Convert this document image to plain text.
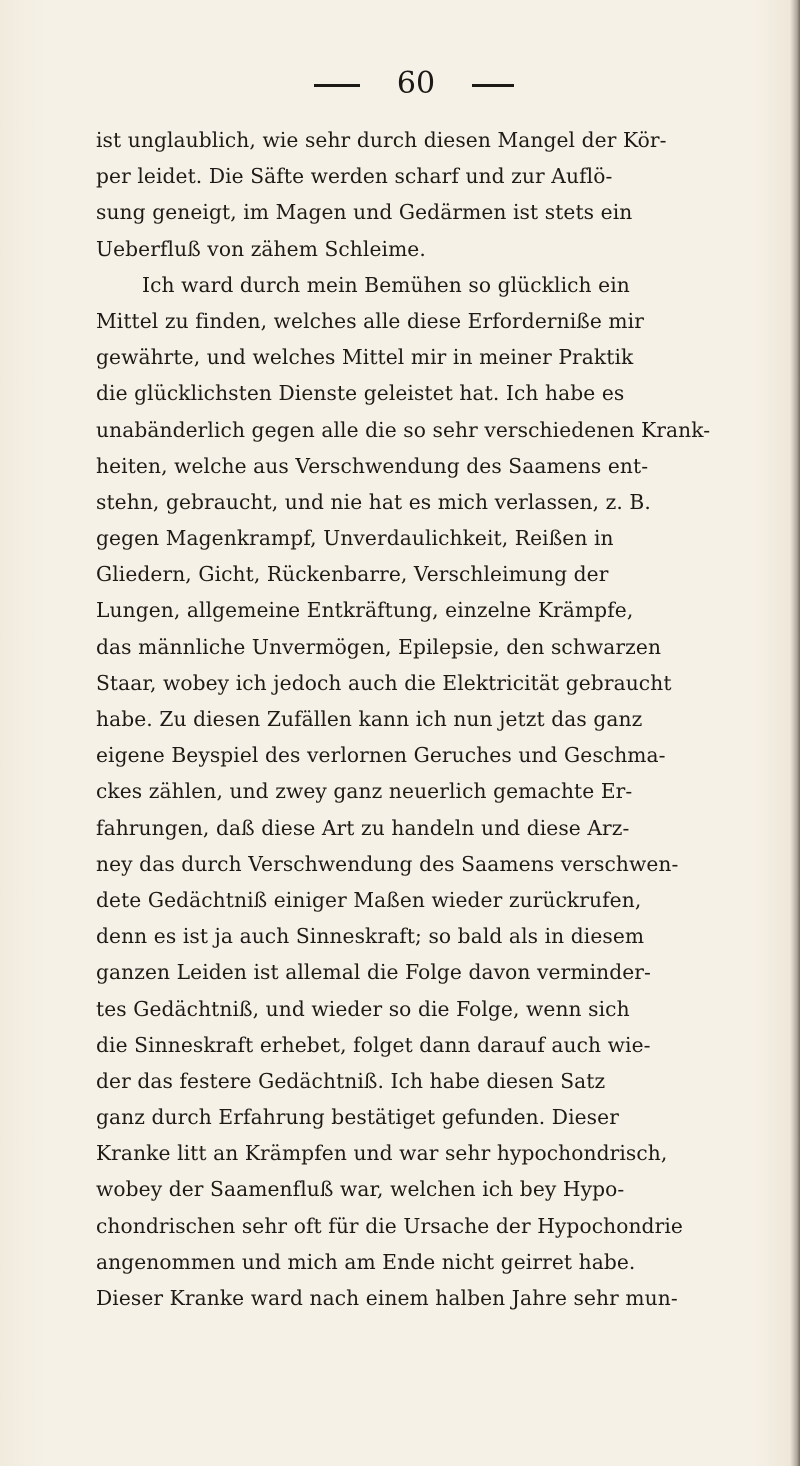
60
ist unglaublich, wie sehr durch diesen Mangel der Kör-
per leidet. Die Säfte werden scharf und zur Auflö-
sung geneigt, im Magen und Gedärmen ist stets ein
Ueberfluß von zähem Schleime.
Ich ward durch mein Bemühen so glücklich ein
Mittel zu finden, welches alle diese Erforderniße mir
gewährte, und welches Mittel mir in meiner Praktik
die glücklichsten Dienste geleistet hat. Ich habe es
unabänderlich gegen alle die so sehr verschiedenen Krank-
heiten, welche aus Verschwendung des Saamens ent-
stehn, gebraucht, und nie hat es mich verlassen, z. B.
gegen Magenkrampf, Unverdaulichkeit, Reißen in
Gliedern, Gicht, Rückenbarre, Verschleimung der
Lungen, allgemeine Entkräftung, einzelne Krämpfe,
das männliche Unvermögen, Epilepsie, den schwarzen
Staar, wobey ich jedoch auch die Elektricität gebraucht
habe. Zu diesen Zufällen kann ich nun jetzt das ganz
eigene Beyspiel des verlornen Geruches und Geschma-
ckes zählen, und zwey ganz neuerlich gemachte Er-
fahrungen, daß diese Art zu handeln und diese Arz-
ney das durch Verschwendung des Saamens verschwen-
dete Gedächtniß einiger Maßen wieder zurückrufen,
denn es ist ja auch Sinneskraft; so bald als in diesem
ganzen Leiden ist allemal die Folge davon verminder-
tes Gedächtniß, und wieder so die Folge, wenn sich
die Sinneskraft erhebet, folget dann darauf auch wie-
der das festere Gedächtniß. Ich habe diesen Satz
ganz durch Erfahrung bestätiget gefunden. Dieser
Kranke litt an Krämpfen und war sehr hypochondrisch,
wobey der Saamenfluß war, welchen ich bey Hypo-
chondrischen sehr oft für die Ursache der Hypochondrie
angenommen und mich am Ende nicht geirret habe.
Dieser Kranke ward nach einem halben Jahre sehr mun-
